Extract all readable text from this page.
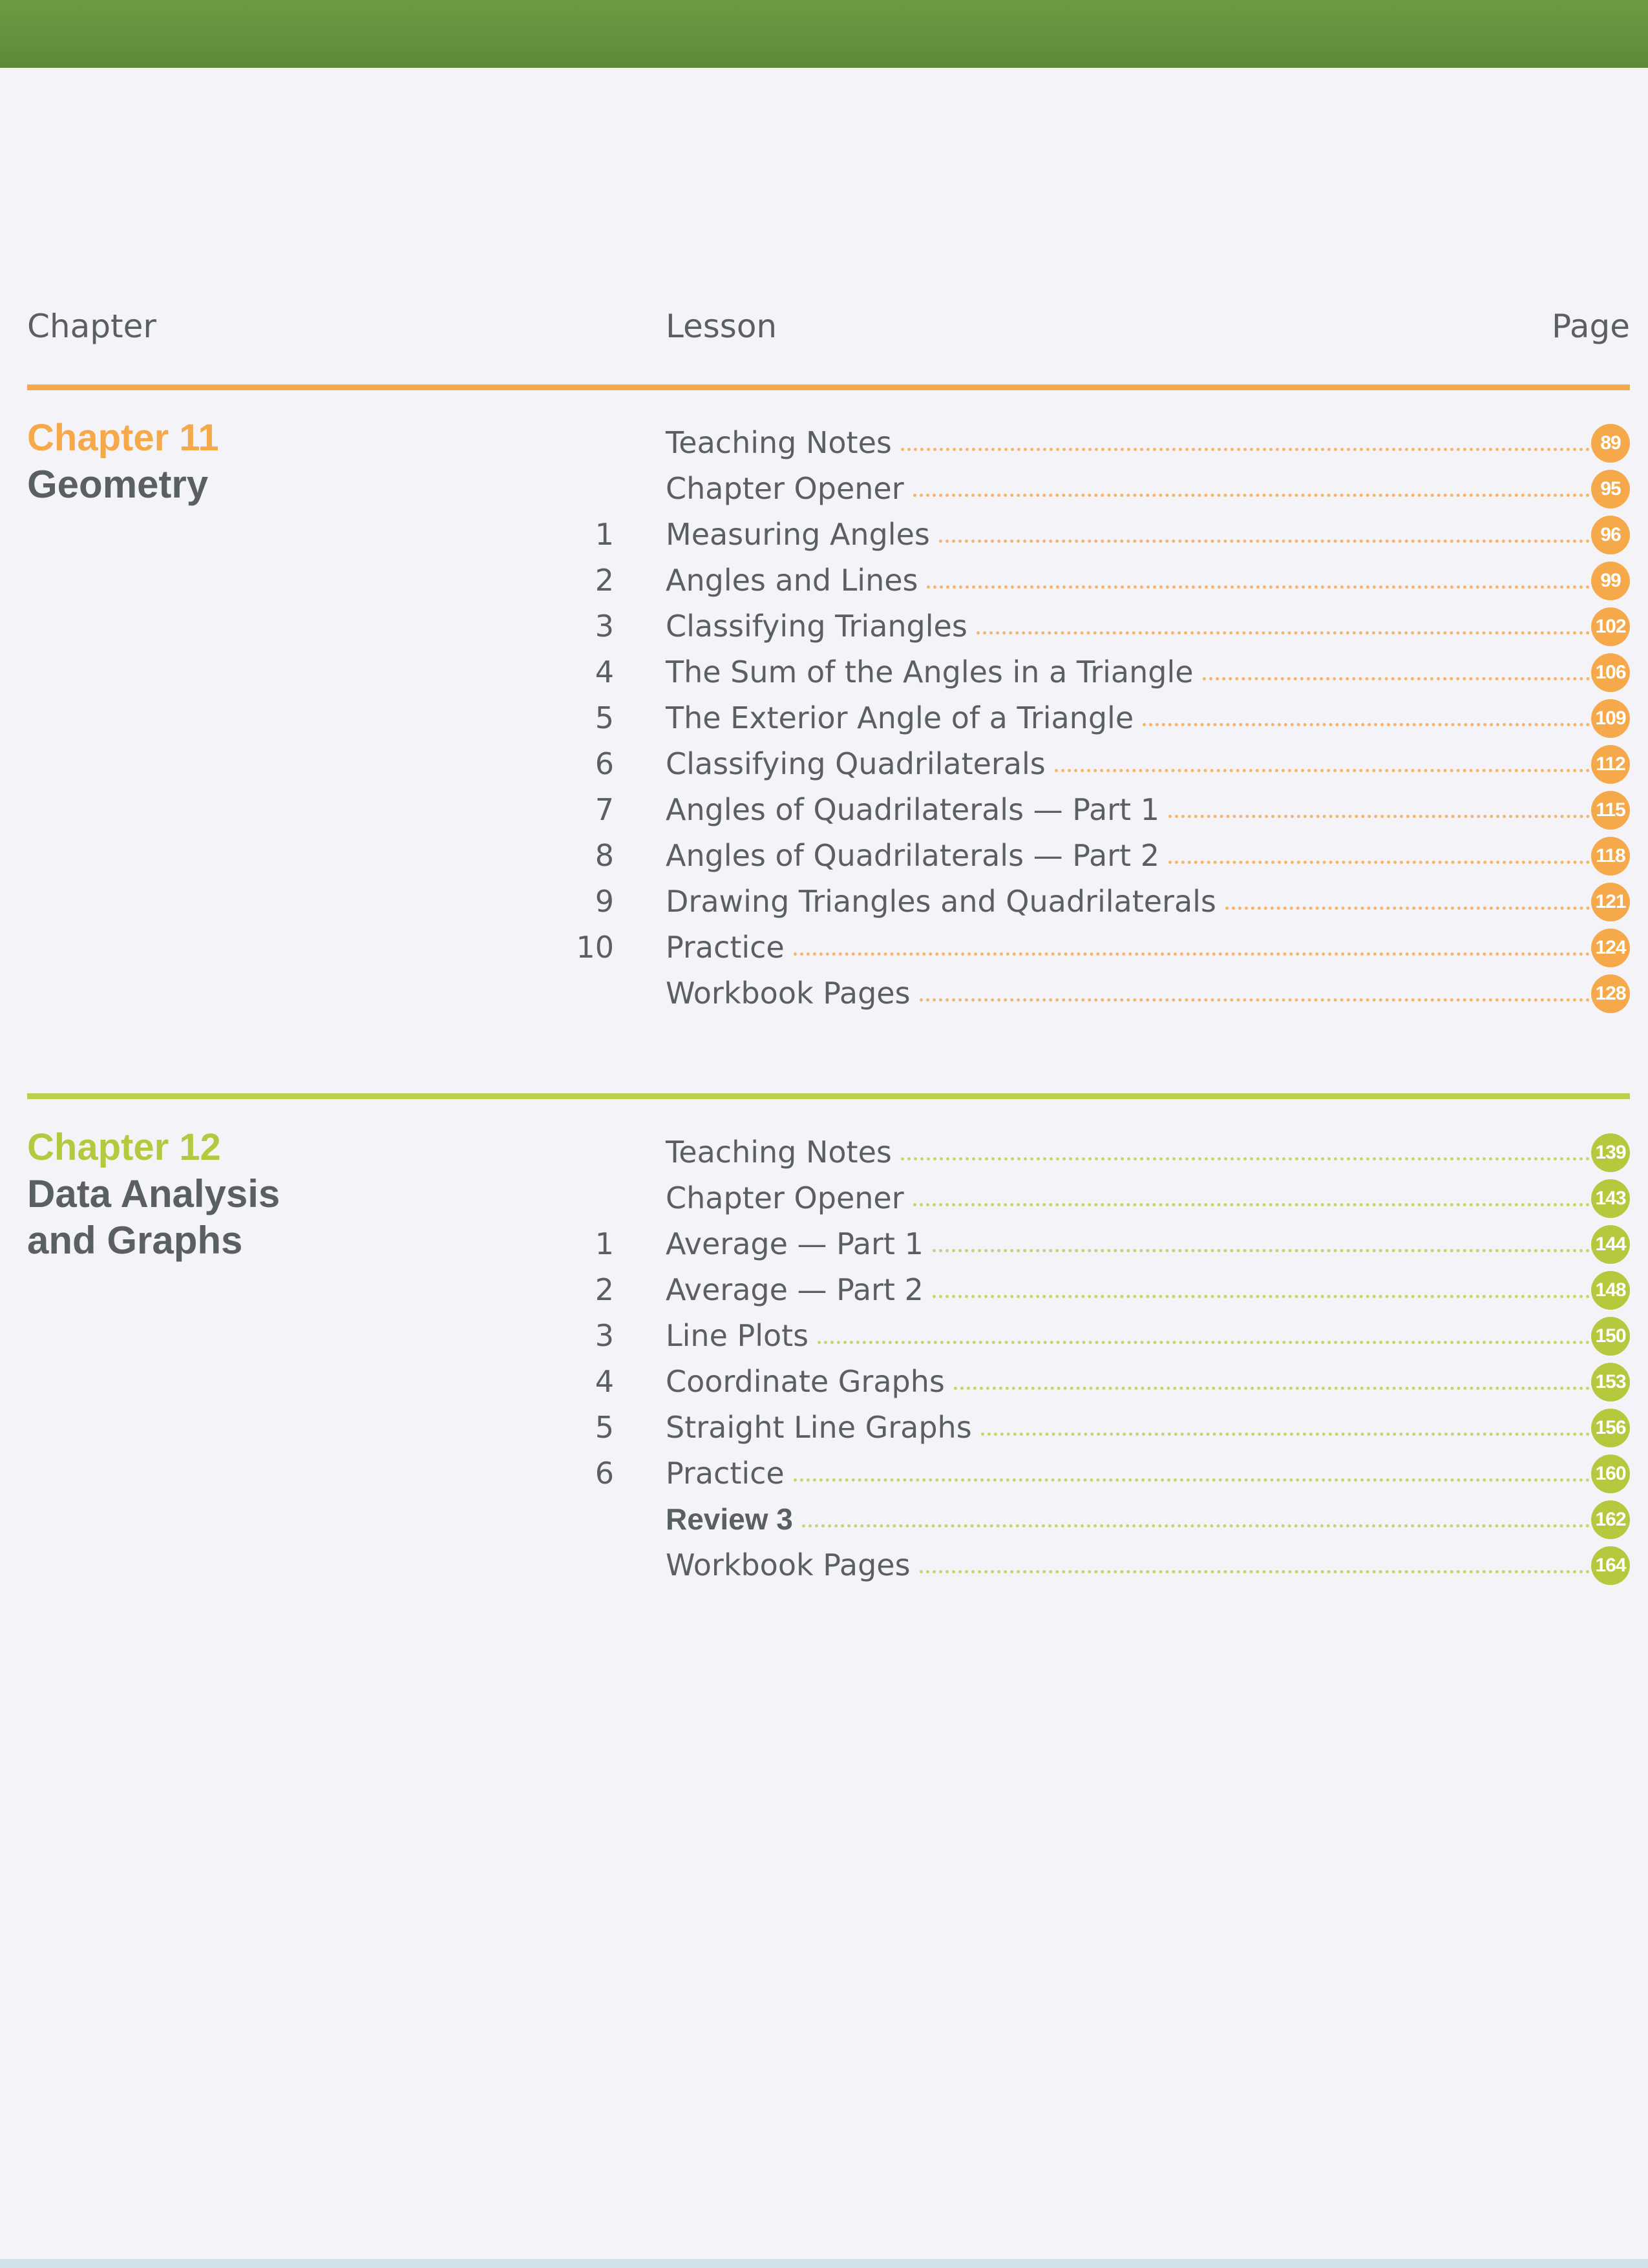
Chapter	Lesson	Page
Chapter 11
Geometry
Teaching Notes	89
Chapter Opener	95
1 Measuring Angles	96
2 Angles and Lines	99
3 Classifying Triangles	102
4 The Sum of the Angles in a Triangle	106
5 The Exterior Angle of a Triangle	109
6 Classifying Quadrilaterals	112
7 Angles of Quadrilaterals — Part 1	115
8 Angles of Quadrilaterals — Part 2	118
9 Drawing Triangles and Quadrilaterals	121
10 Practice	124
Workbook Pages	128
Chapter 12
Data Analysis
and Graphs
Teaching Notes	139
Chapter Opener	143
1 Average — Part 1	144
2 Average — Part 2	148
3 Line Plots	150
4 Coordinate Graphs	153
5 Straight Line Graphs	156
6 Practice	160
Review 3	162
Workbook Pages	164
